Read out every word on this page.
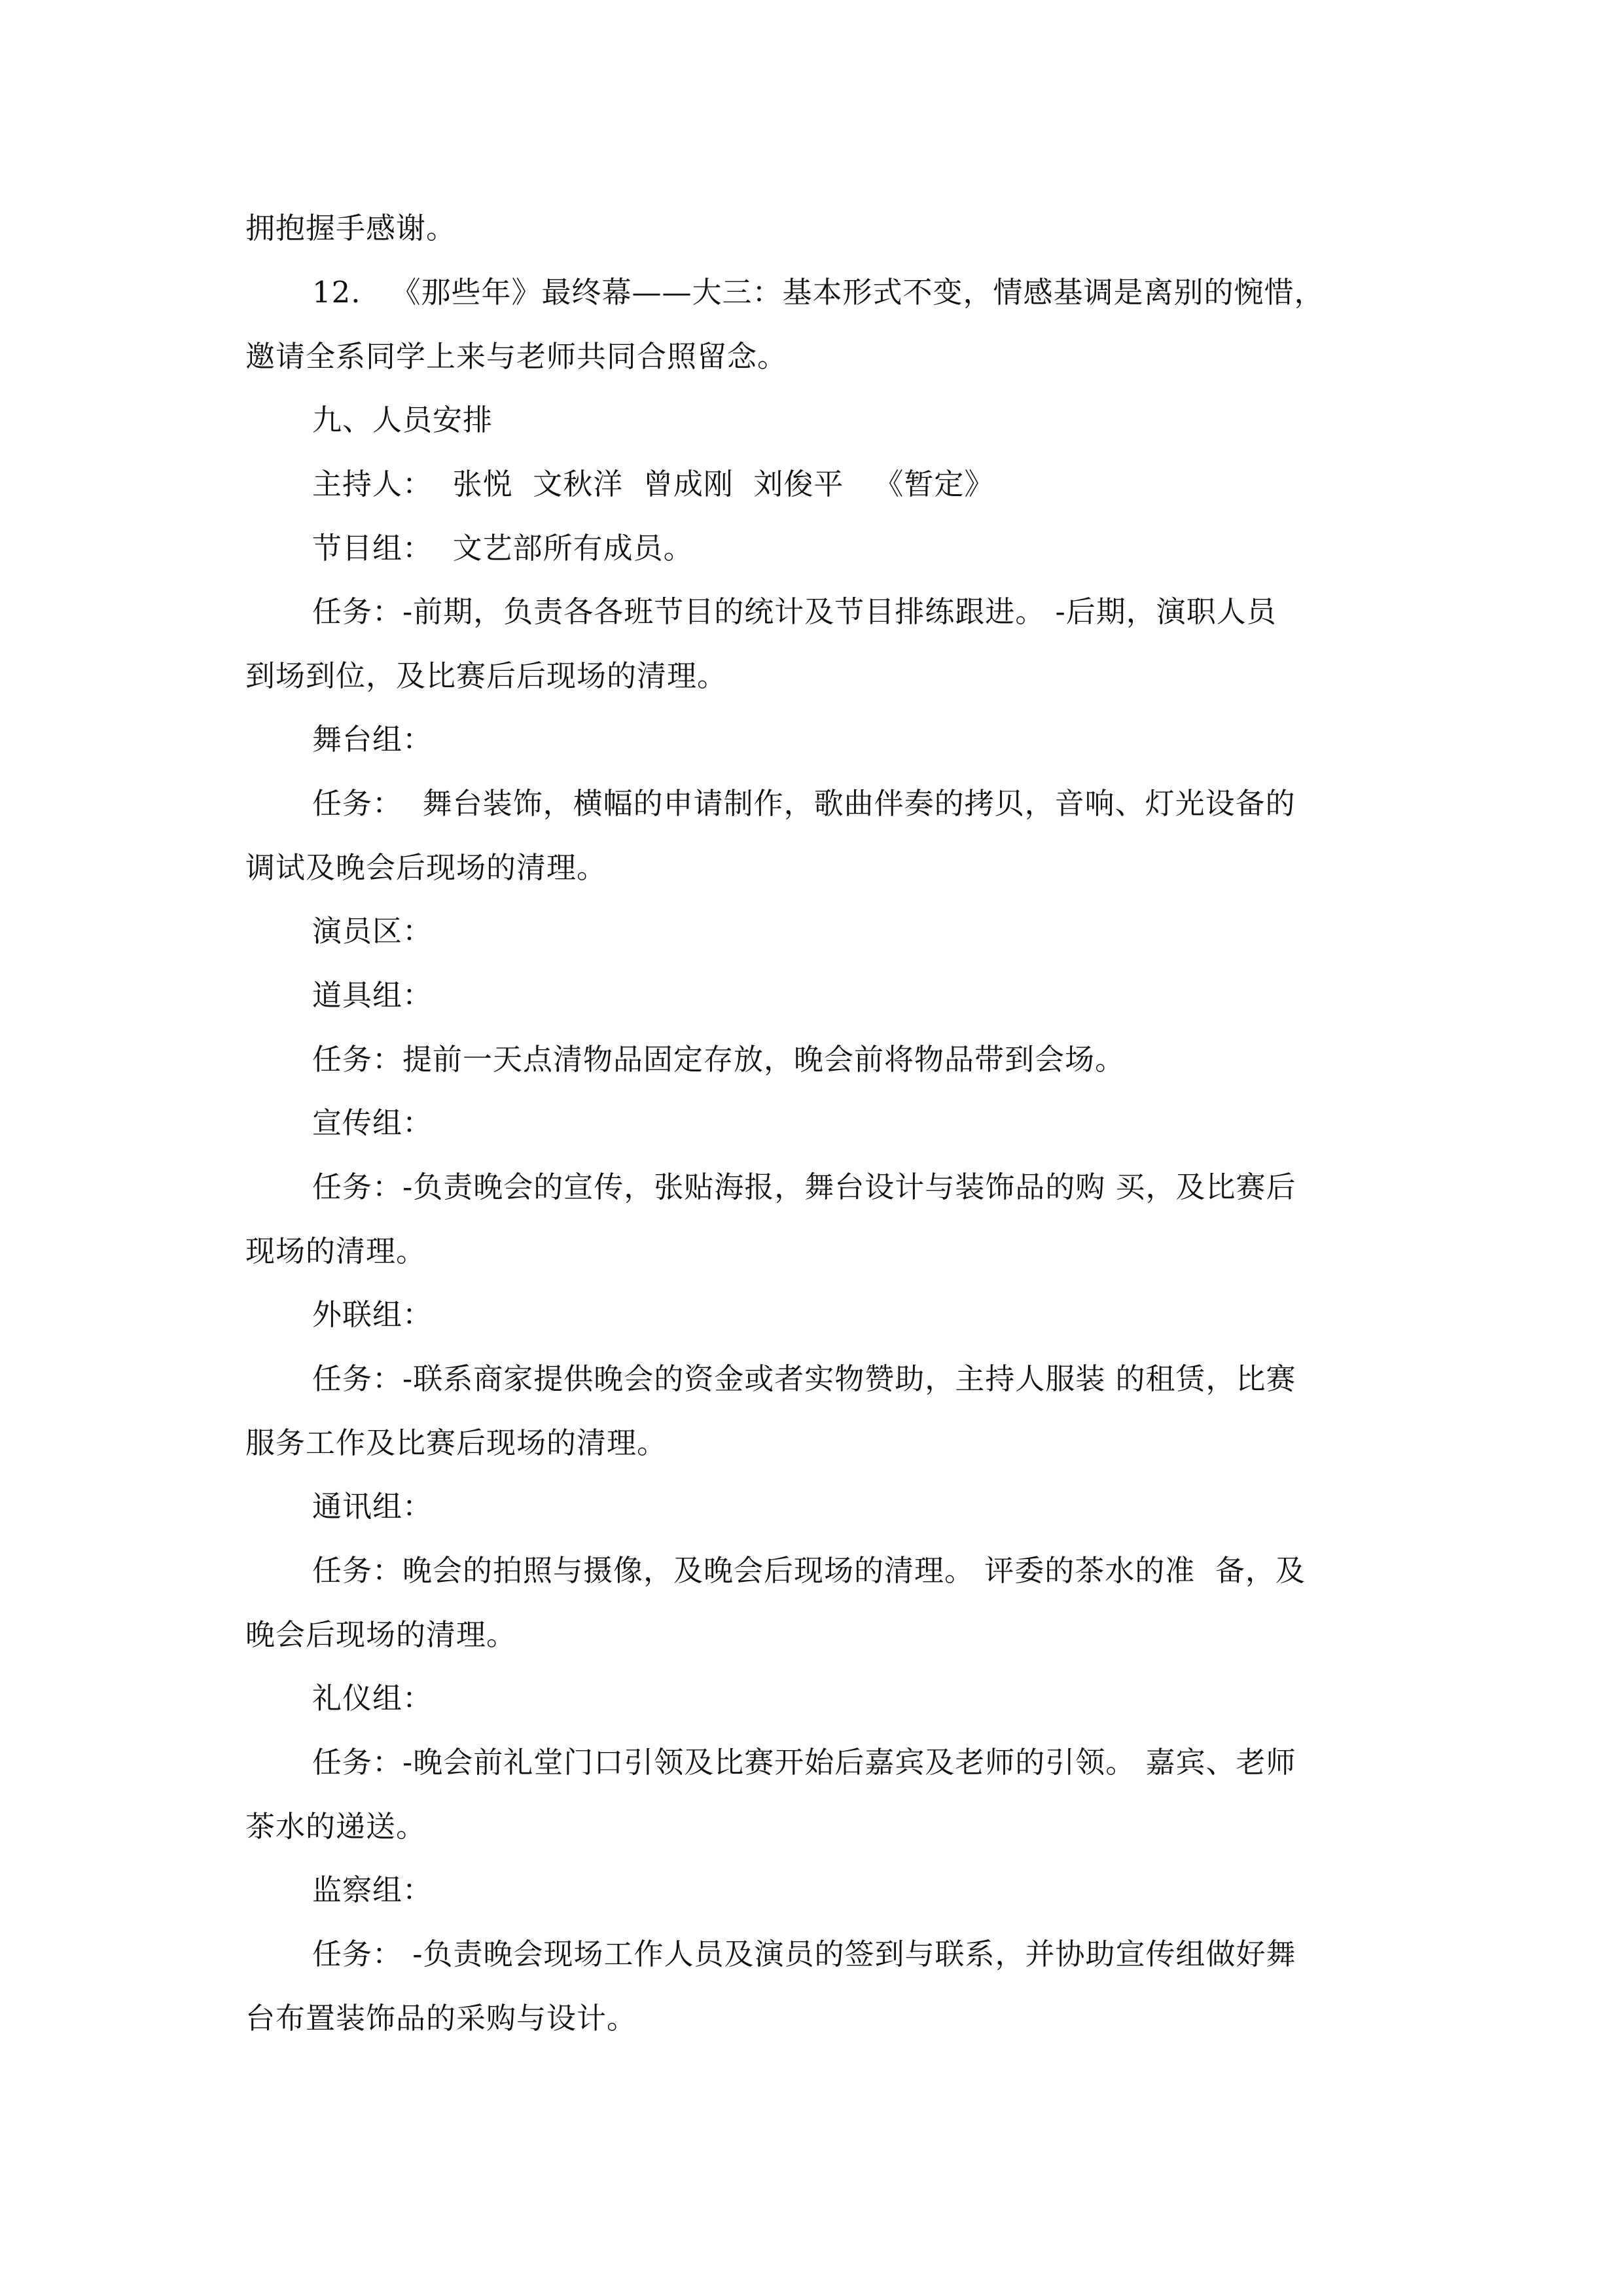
拥抱握手感谢。
12.   《那些年》最终幕——大三：基本形式不变，情感基调是离别的惋惜，
邀请全系同学上来与老师共同合照留念。
九、人员安排
主持人：  张悦  文秋洋  曾成刚  刘俊平   《暂定》
节目组：  文艺部所有成员。
任务：-前期，负责各各班节目的统计及节目排练跟进。 -后期，演职人员
到场到位，及比赛后后现场的清理。
舞台组：
任务：  舞台装饰，横幅的申请制作，歌曲伴奏的拷贝，音响、灯光设备的
调试及晚会后现场的清理。
演员区：
道具组：
任务：提前一天点清物品固定存放，晚会前将物品带到会场。
宣传组：
任务：-负责晚会的宣传，张贴海报，舞台设计与装饰品的购 买，及比赛后
现场的清理。
外联组：
任务：-联系商家提供晚会的资金或者实物赞助，主持人服装 的租赁，比赛
服务工作及比赛后现场的清理。
通讯组：
任务：晚会的拍照与摄像，及晚会后现场的清理。 评委的茶水的准  备，及
晚会后现场的清理。
礼仪组：
任务：-晚会前礼堂门口引领及比赛开始后嘉宾及老师的引领。 嘉宾、老师
茶水的递送。
监察组：
任务： -负责晚会现场工作人员及演员的签到与联系，并协助宣传组做好舞
台布置装饰品的采购与设计。
